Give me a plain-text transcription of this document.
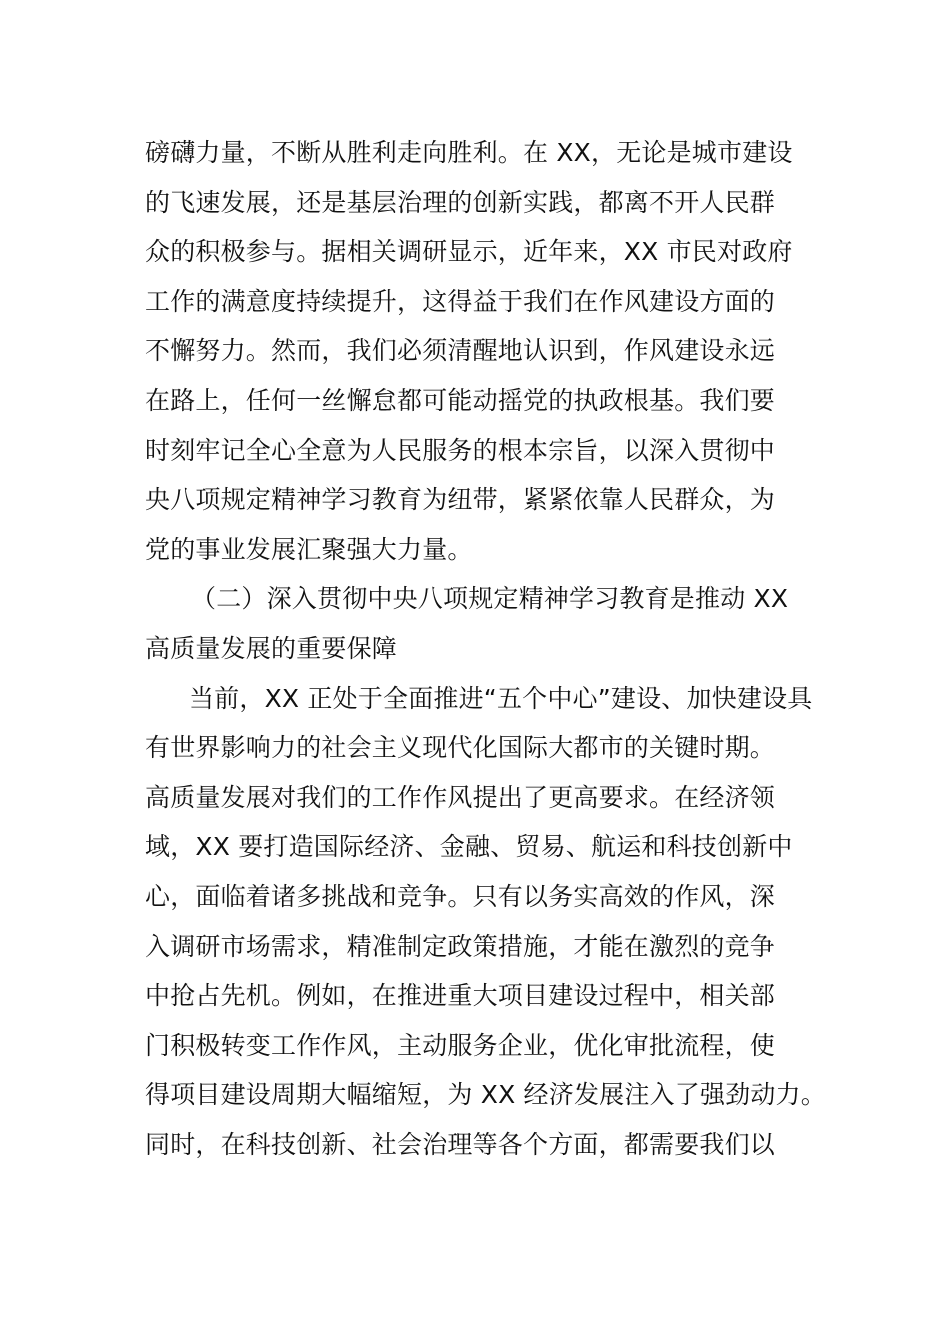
磅礴力量，不断从胜利走向胜利。在 XX，无论是城市建设
的飞速发展，还是基层治理的创新实践，都离不开人民群
众的积极参与。据相关调研显示，近年来，XX 市民对政府
工作的满意度持续提升，这得益于我们在作风建设方面的
不懈努力。然而，我们必须清醒地认识到，作风建设永远
在路上，任何一丝懈怠都可能动摇党的执政根基。我们要
时刻牢记全心全意为人民服务的根本宗旨，以深入贯彻中
央八项规定精神学习教育为纽带，紧紧依靠人民群众，为
党的事业发展汇聚强大力量。
（二）深入贯彻中央八项规定精神学习教育是推动 XX
高质量发展的重要保障
当前，XX 正处于全面推进“五个中心”建设、加快建设具
有世界影响力的社会主义现代化国际大都市的关键时期。
高质量发展对我们的工作作风提出了更高要求。在经济领
域，XX 要打造国际经济、金融、贸易、航运和科技创新中
心，面临着诸多挑战和竞争。只有以务实高效的作风，深
入调研市场需求，精准制定政策措施，才能在激烈的竞争
中抢占先机。例如，在推进重大项目建设过程中，相关部
门积极转变工作作风，主动服务企业，优化审批流程，使
得项目建设周期大幅缩短，为 XX 经济发展注入了强劲动力。
同时，在科技创新、社会治理等各个方面，都需要我们以
